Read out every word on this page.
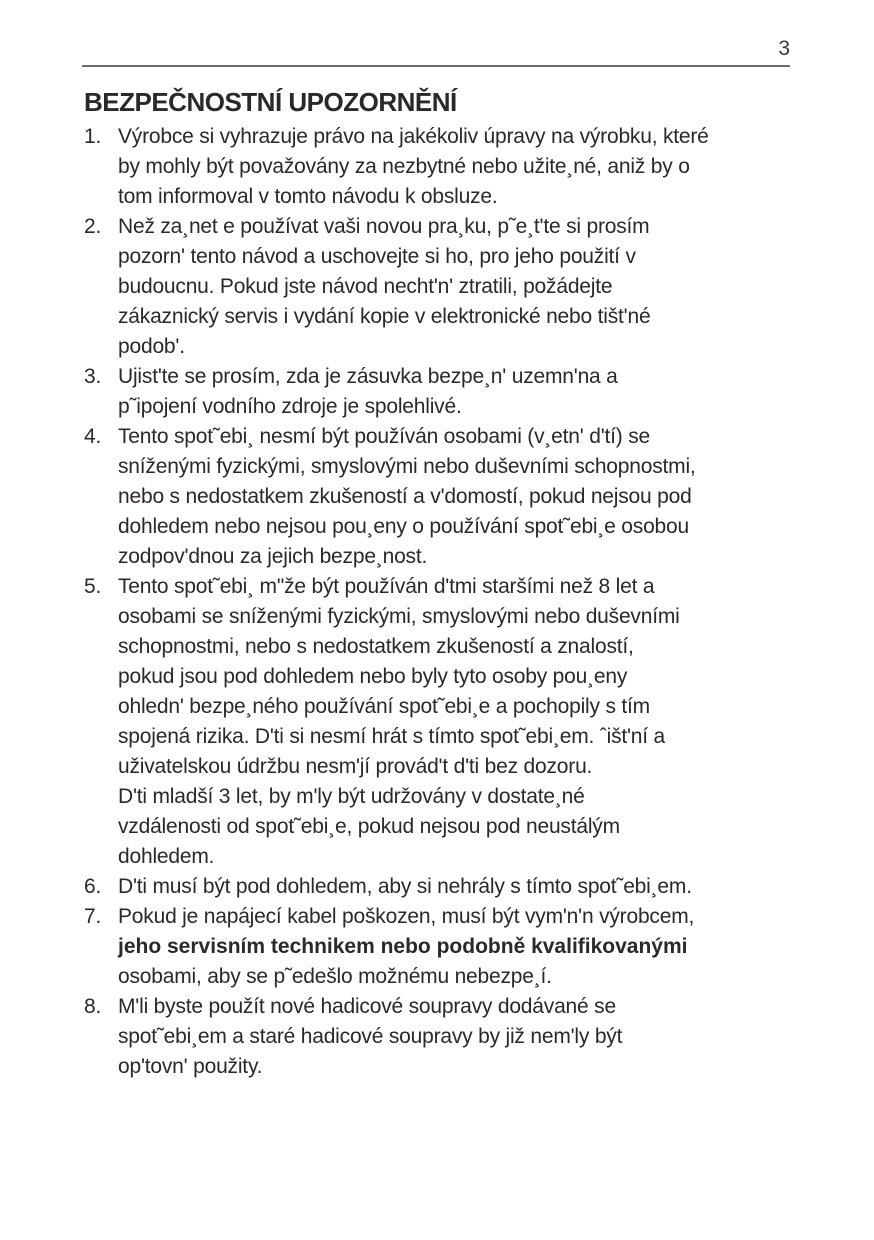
3
BEZPEČNOSTNÍ UPOZORNĚNÍ
1. Výrobce si vyhrazuje právo na jakékoliv úpravy na výrobku, které
by mohly být považovány za nezbytné nebo užite¸né, aniž by o
tom informoval v tomto návodu k obsluze.
2. Než za¸net e používat vaši novou pra¸ku, p˜e¸t'te si prosím
pozorn' tento návod a uschovejte si ho, pro jeho použití v
budoucnu. Pokud jste návod necht'n' ztratili, požádejte
zákaznický servis i vydání kopie v elektronické nebo tišt'né
podob'.
3. Ujist'te se prosím, zda je zásuvka bezpe¸n' uzemn'na a
p˜ipojení vodního zdroje je spolehlivé.
4. Tento spot˜ebi¸ nesmí být používán osobami (v¸etn' d'tí) se
sníženými fyzickými, smyslovými nebo duševními schopnostmi,
nebo s nedostatkem zkušeností a v'domostí, pokud nejsou pod
dohledem nebo nejsou pou¸eny o používání spot˜ebi¸e osobou
zodpov'dnou za jejich bezpe¸nost.
5. Tento spot˜ebi¸ m"že být používán d'tmi staršími než 8 let a
osobami se sníženými fyzickými, smyslovými nebo duševními
schopnostmi, nebo s nedostatkem zkušeností a znalostí,
pokud jsou pod dohledem nebo byly tyto osoby pou¸eny
ohledn' bezpe¸ného používání spot˜ebi¸e a pochopily s tím
spojená rizika. D'ti si nesmí hrát s tímto spot˜ebi¸em. ˆišt'ní a
uživatelskou údržbu nesm'jí provád't d'ti bez dozoru.
D'ti mladší 3 let, by m'ly být udržovány v dostate¸né
vzdálenosti od spot˜ebi¸e, pokud nejsou pod neustálým
dohledem.
6. D'ti musí být pod dohledem, aby si nehrály s tímto spot˜ebi¸em.
7. Pokud je napájecí kabel poškozen, musí být vym'n'n výrobcem,
jeho servisním technikem nebo podobně kvalifikovanými
osobami, aby se p˜edešlo možnému nebezpe¸í.
8. M'li byste použít nové hadicové soupravy dodávané se
spot˜ebi¸em a staré hadicové soupravy by již nem'ly být
op'tovn' použity.
